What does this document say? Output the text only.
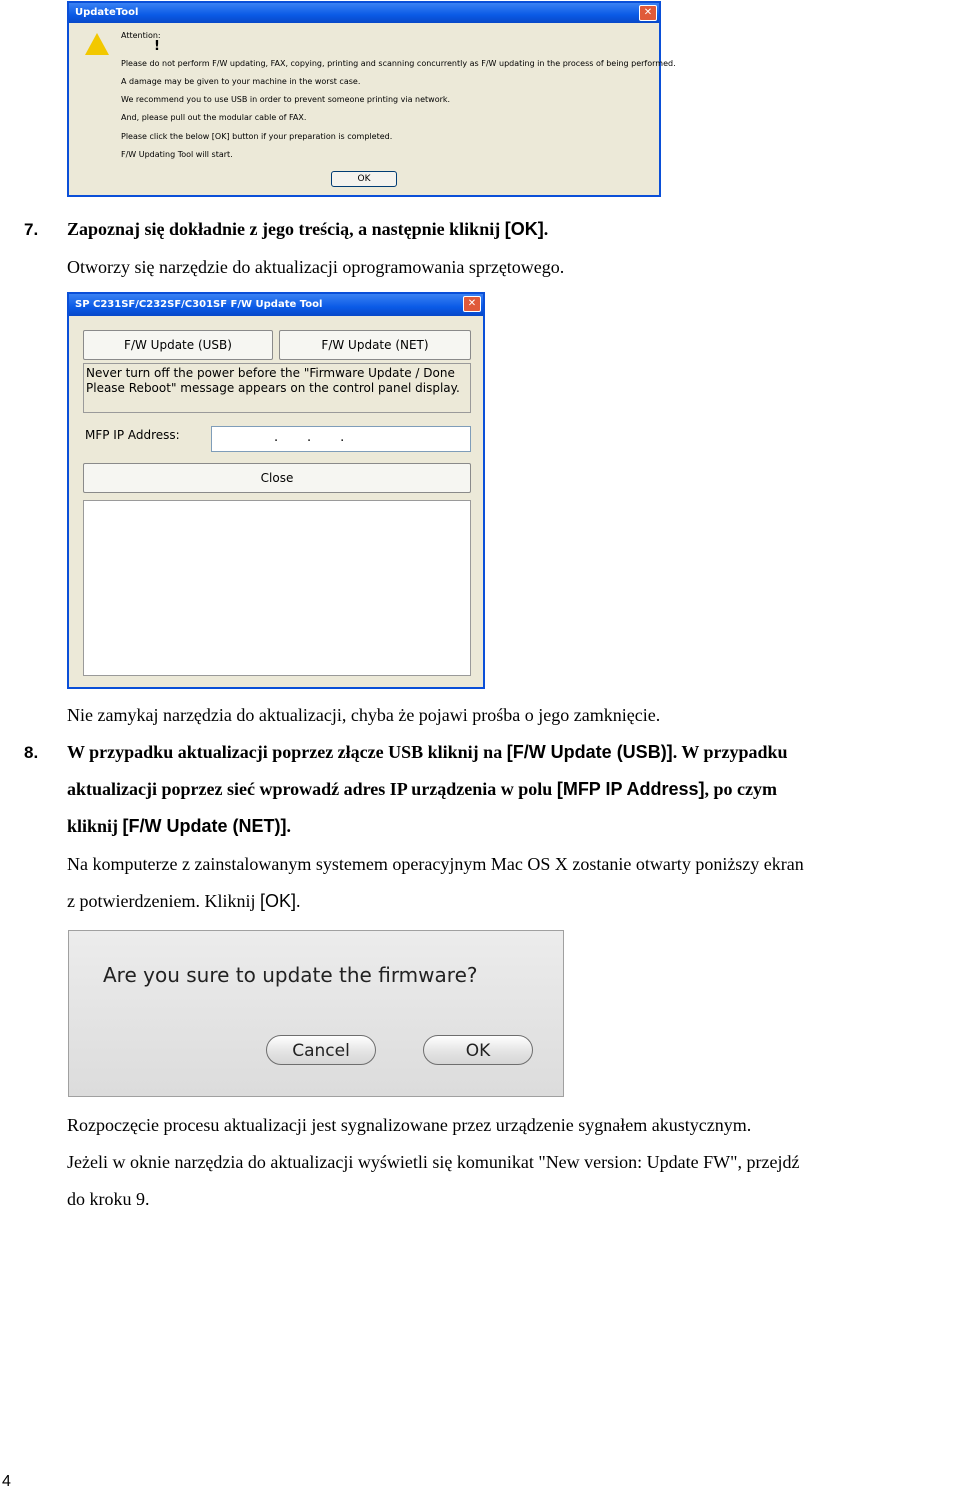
UpdateTool	✕
!
Attention:
Please do not perform F/W updating, FAX, copying, printing and scanning concurrently as F/W updating in the process of being performed.
A damage may be given to your machine in the worst case.
We recommend you to use USB in order to prevent someone printing via network.
And, please pull out the modular cable of FAX.
Please click the below [OK] button if your preparation is completed.
F/W Updating Tool will start.
OK
7. Zapoznaj się dokładnie z jego treścią, a następnie kliknij [OK].
Otworzy się narzędzie do aktualizacji oprogramowania sprzętowego.
SP C231SF/C232SF/C301SF F/W Update Tool	✕
F/W Update (USB)	F/W Update (NET)
Never turn off the power before the "Firmware Update / Done
Please Reboot" message appears on the control panel display.
MFP IP Address:	.       .       .
Close
Nie zamykaj narzędzia do aktualizacji, chyba że pojawi prośba o jego zamknięcie.
8. W przypadku aktualizacji poprzez złącze USB kliknij na [F/W Update (USB)]. W przypadku
aktualizacji poprzez sieć wprowadź adres IP urządzenia w polu [MFP IP Address], po czym
kliknij [F/W Update (NET)].
Na komputerze z zainstalowanym systemem operacyjnym Mac OS X zostanie otwarty poniższy ekran
z potwierdzeniem. Kliknij [OK].
Are you sure to update the firmware?
Cancel	OK
Rozpoczęcie procesu aktualizacji jest sygnalizowane przez urządzenie sygnałem akustycznym.
Jeżeli w oknie narzędzia do aktualizacji wyświetli się komunikat "New version: Update FW", przejdź
do kroku 9.
4
